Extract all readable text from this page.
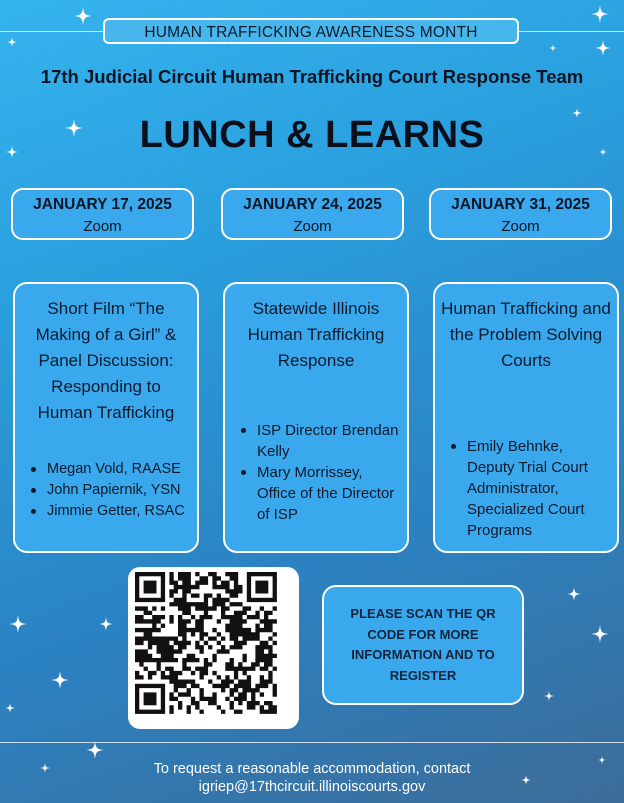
HUMAN TRAFFICKING AWARENESS MONTH
17th Judicial Circuit Human Trafficking Court Response Team
LUNCH & LEARNS
JANUARY 17, 2025
Zoom
JANUARY 24, 2025
Zoom
JANUARY 31, 2025
Zoom
Short Film “The Making of a Girl” & Panel Discussion: Responding to Human Trafficking
Megan Vold, RAASE
John Papiernik, YSN
Jimmie Getter, RSAC
Statewide Illinois Human Trafficking Response
ISP Director Brendan Kelly
Mary Morrissey, Office of the Director of ISP
Human Trafficking and the Problem Solving Courts
Emily Behnke, Deputy Trial Court Administrator, Specialized Court Programs
PLEASE SCAN THE QR CODE FOR MORE INFORMATION AND TO REGISTER
To request a reasonable accommodation, contact
igriep@17thcircuit.illinoiscourts.gov
